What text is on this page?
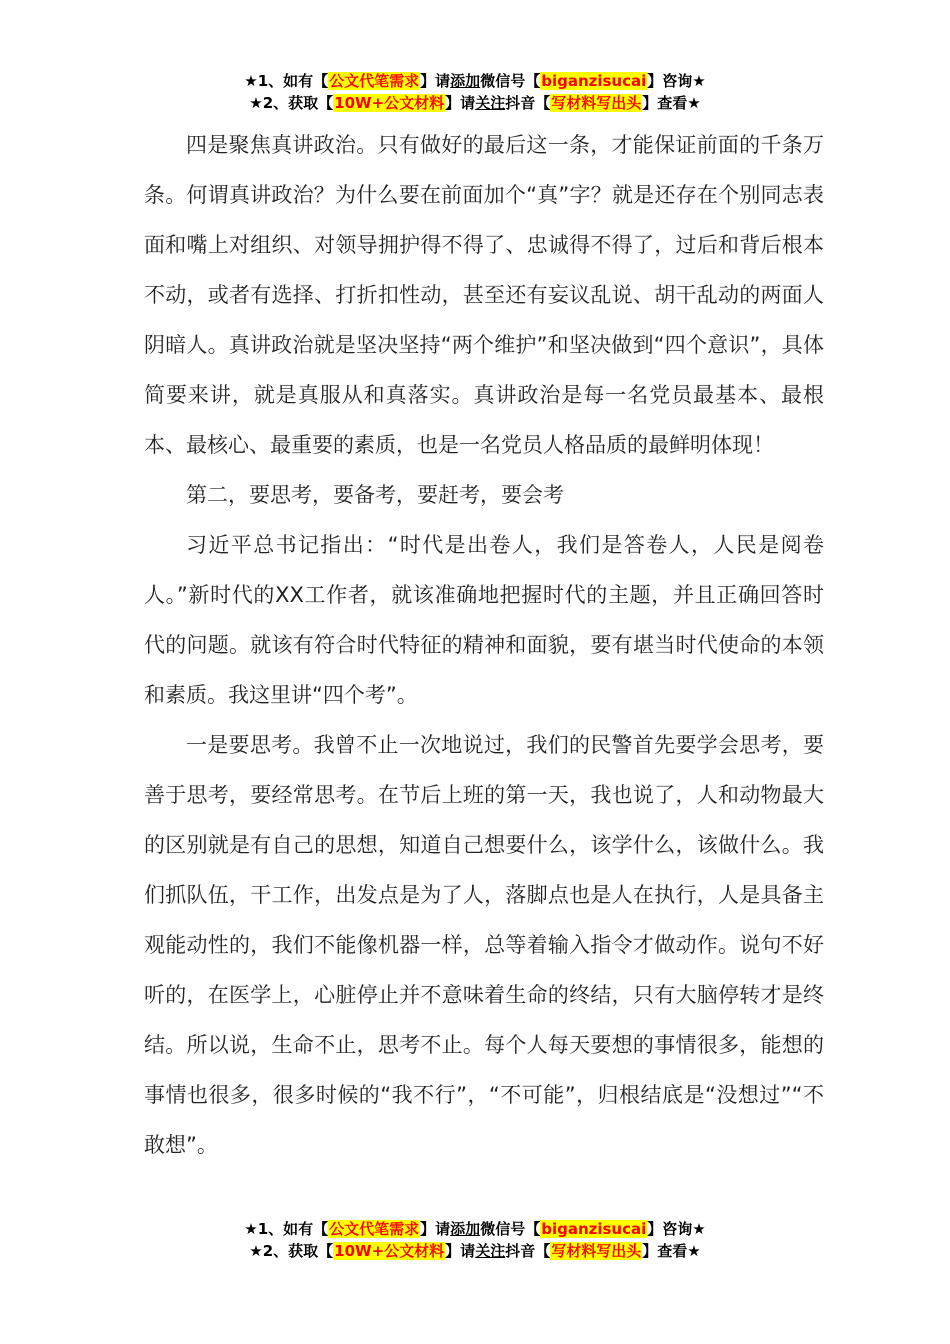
★1、如有【公文代笔需求】请添加微信号【biganzisucai】咨询★
★2、获取【10W+公文材料】请关注抖音【写材料写出头】查看★

四是聚焦真讲政治。只有做好的最后这一条，才能保证前面的千条万条。何谓真讲政治？为什么要在前面加个“真”字？就是还存在个别同志表面和嘴上对组织、对领导拥护得不得了、忠诚得不得了，过后和背后根本不动，或者有选择、打折扣性动，甚至还有妄议乱说、胡干乱动的两面人阴暗人。真讲政治就是坚决坚持“两个维护”和坚决做到“四个意识”，具体简要来讲，就是真服从和真落实。真讲政治是每一名党员最基本、最根本、最核心、最重要的素质，也是一名党员人格品质的最鲜明体现！

第二，要思考，要备考，要赶考，要会考

习近平总书记指出：“时代是出卷人，我们是答卷人，人民是阅卷人。”新时代的XX工作者，就该准确地把握时代的主题，并且正确回答时代的问题。就该有符合时代特征的精神和面貌，要有堪当时代使命的本领和素质。我这里讲“四个考”。

一是要思考。我曾不止一次地说过，我们的民警首先要学会思考，要善于思考，要经常思考。在节后上班的第一天，我也说了，人和动物最大的区别就是有自己的思想，知道自己想要什么，该学什么，该做什么。我们抓队伍，干工作，出发点是为了人，落脚点也是人在执行，人是具备主观能动性的，我们不能像机器一样，总等着输入指令才做动作。说句不好听的，在医学上，心脏停止并不意味着生命的终结，只有大脑停转才是终结。所以说，生命不止，思考不止。每个人每天要想的事情很多，能想的事情也很多，很多时候的“我不行”，“不可能”，归根结底是“没想过”“不敢想”。

★1、如有【公文代笔需求】请添加微信号【biganzisucai】咨询★
★2、获取【10W+公文材料】请关注抖音【写材料写出头】查看★
